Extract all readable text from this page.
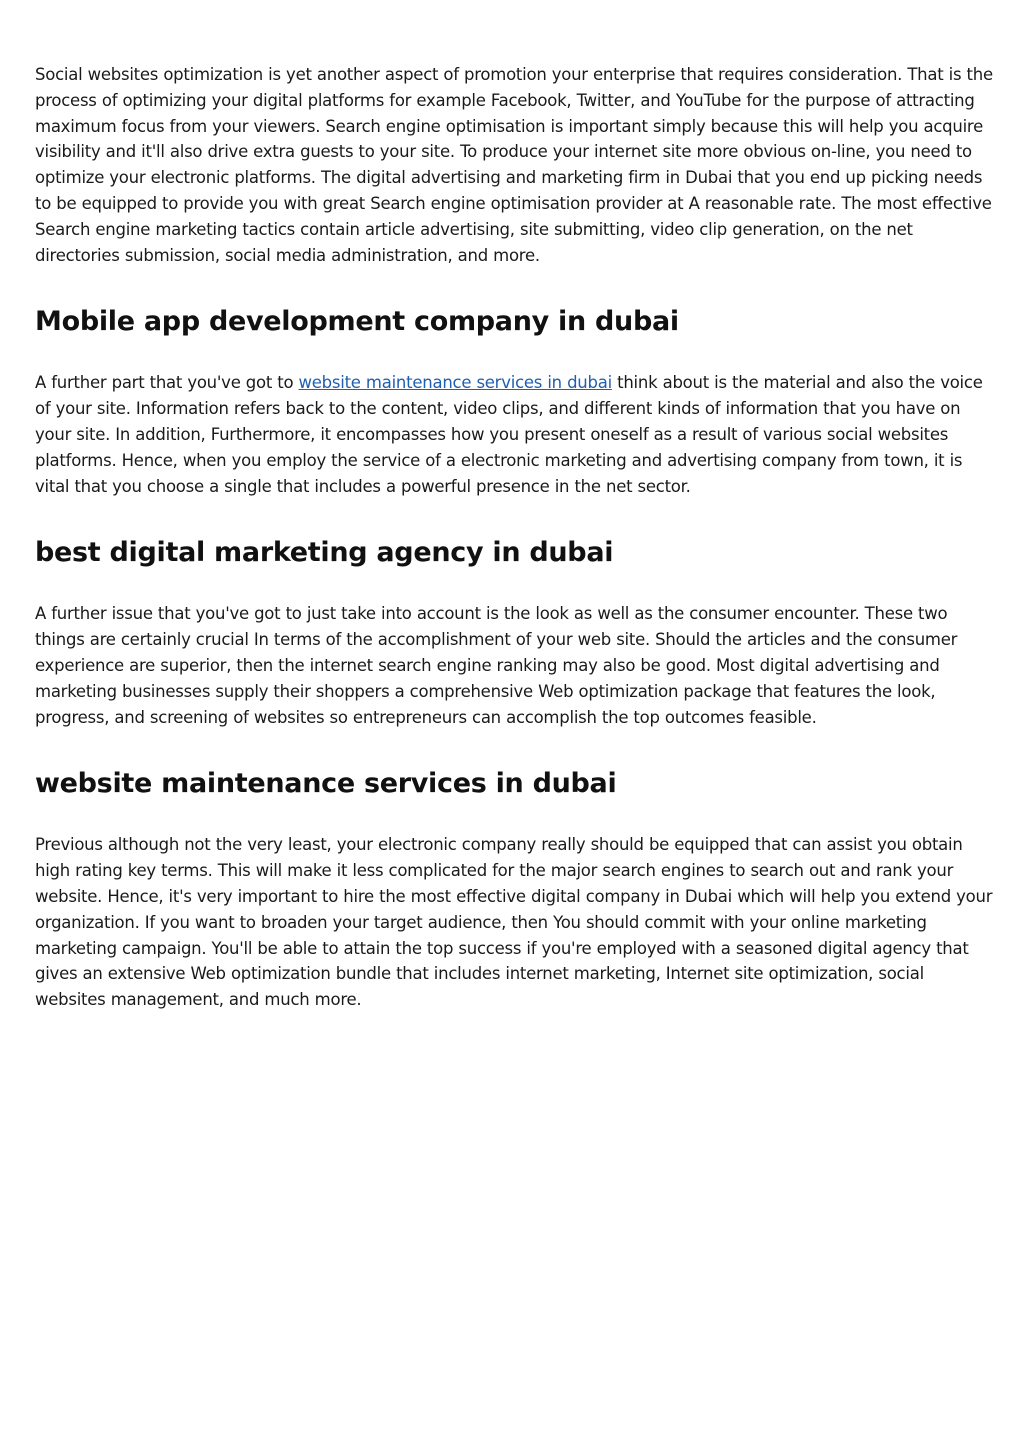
Social websites optimization is yet another aspect of promotion your enterprise that requires consideration. That is the process of optimizing your digital platforms for example Facebook, Twitter, and YouTube for the purpose of attracting maximum focus from your viewers. Search engine optimisation is important simply because this will help you acquire visibility and it'll also drive extra guests to your site. To produce your internet site more obvious on-line, you need to optimize your electronic platforms. The digital advertising and marketing firm in Dubai that you end up picking needs to be equipped to provide you with great Search engine optimisation provider at A reasonable rate. The most effective Search engine marketing tactics contain article advertising, site submitting, video clip generation, on the net directories submission, social media administration, and more.

Mobile app development company in dubai

A further part that you've got to website maintenance services in dubai think about is the material and also the voice of your site. Information refers back to the content, video clips, and different kinds of information that you have on your site. In addition, Furthermore, it encompasses how you present oneself as a result of various social websites platforms. Hence, when you employ the service of a electronic marketing and advertising company from town, it is vital that you choose a single that includes a powerful presence in the net sector.

best digital marketing agency in dubai

A further issue that you've got to just take into account is the look as well as the consumer encounter. These two things are certainly crucial In terms of the accomplishment of your web site. Should the articles and the consumer experience are superior, then the internet search engine ranking may also be good. Most digital advertising and marketing businesses supply their shoppers a comprehensive Web optimization package that features the look, progress, and screening of websites so entrepreneurs can accomplish the top outcomes feasible.

website maintenance services in dubai

Previous although not the very least, your electronic company really should be equipped that can assist you obtain high rating key terms. This will make it less complicated for the major search engines to search out and rank your website. Hence, it's very important to hire the most effective digital company in Dubai which will help you extend your organization. If you want to broaden your target audience, then You should commit with your online marketing marketing campaign. You'll be able to attain the top success if you're employed with a seasoned digital agency that gives an extensive Web optimization bundle that includes internet marketing, Internet site optimization, social websites management, and much more.
